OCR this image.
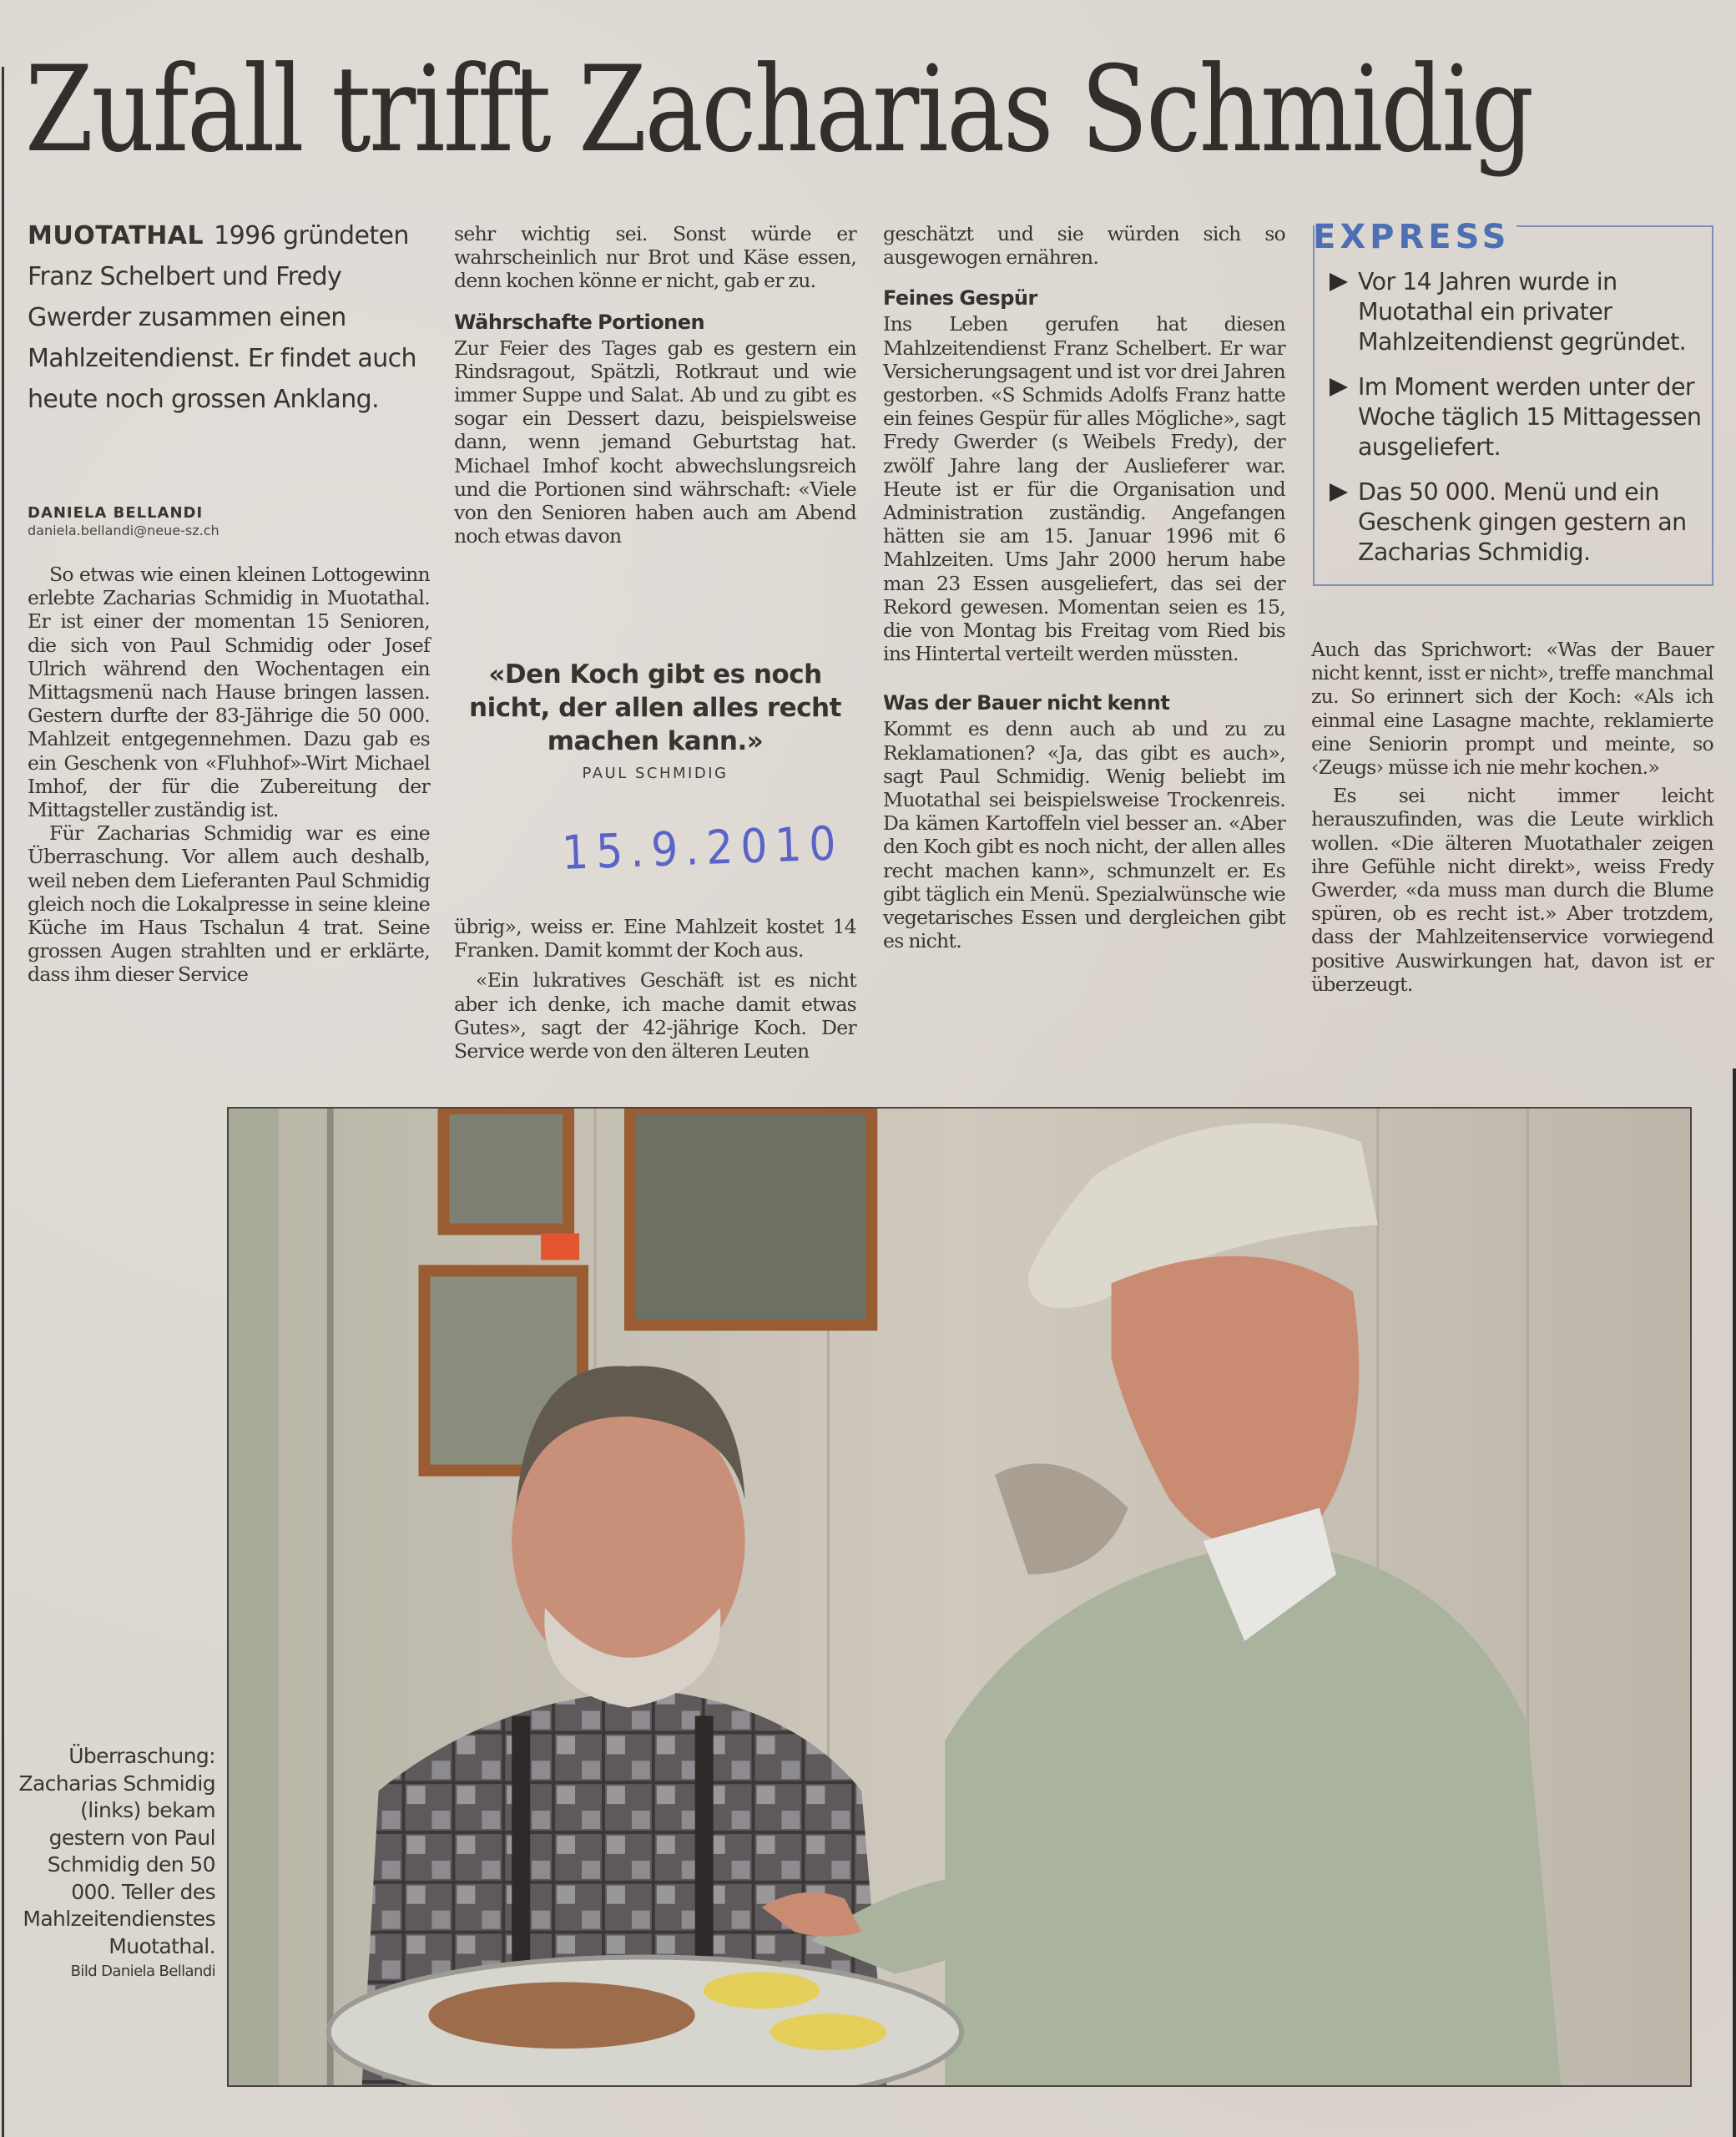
Zufall trifft Zacharias Schmidig
MUOTATHAL 1996 gründeten Franz Schelbert und Fredy Gwerder zusammen einen Mahlzeitendienst. Er findet auch heute noch grossen Anklang.
DANIELA BELLANDI
daniela.bellandi@neue-sz.ch

So etwas wie einen kleinen Lottogewinn erlebte Zacharias Schmidig in Muotathal. Er ist einer der momentan 15 Senioren, die sich von Paul Schmidig oder Josef Ulrich während den Wochentagen ein Mittagsmenü nach Hause bringen lassen. Gestern durfte der 83-Jährige die 50 000. Mahlzeit entgegennehmen. Dazu gab es ein Geschenk von «Fluhhof»-Wirt Michael Imhof, der für die Zubereitung der Mittagsteller zuständig ist.

Für Zacharias Schmidig war es eine Überraschung. Vor allem auch deshalb, weil neben dem Lieferanten Paul Schmidig gleich noch die Lokalpresse in seine kleine Küche im Haus Tschalun 4 trat. Seine grossen Augen strahlten und er erklärte, dass ihm dieser Service

sehr wichtig sei. Sonst würde er wahrscheinlich nur Brot und Käse essen, denn kochen könne er nicht, gab er zu.

Währschafte Portionen

Zur Feier des Tages gab es gestern ein Rindsragout, Spätzli, Rotkraut und wie immer Suppe und Salat. Ab und zu gibt es sogar ein Dessert dazu, beispielsweise dann, wenn jemand Geburtstag hat. Michael Imhof kocht abwechslungsreich und die Portionen sind währschaft: «Viele von den Senioren haben auch am Abend noch etwas davon

«Den Koch gibt es noch nicht, der allen alles recht machen kann.»

PAUL SCHMIDIG
15.9.2010

übrig», weiss er. Eine Mahlzeit kostet 14 Franken. Damit kommt der Koch aus.

«Ein lukratives Geschäft ist es nicht aber ich denke, ich mache damit etwas Gutes», sagt der 42-jährige Koch. Der Service werde von den älteren Leuten

geschätzt und sie würden sich so ausgewogen ernähren.

Feines Gespür

Ins Leben gerufen hat diesen Mahlzeitendienst Franz Schelbert. Er war Versicherungsagent und ist vor drei Jahren gestorben. «S Schmids Adolfs Franz hatte ein feines Gespür für alles Mögliche», sagt Fredy Gwerder (s Weibels Fredy), der zwölf Jahre lang der Auslieferer war. Heute ist er für die Organisation und Administration zuständig. Angefangen hätten sie am 15. Januar 1996 mit 6 Mahlzeiten. Ums Jahr 2000 herum habe man 23 Essen ausgeliefert, das sei der Rekord gewesen. Momentan seien es 15, die von Montag bis Freitag vom Ried bis ins Hintertal verteilt werden müssten.

Was der Bauer nicht kennt

Kommt es denn auch ab und zu zu Reklamationen? «Ja, das gibt es auch», sagt Paul Schmidig. Wenig beliebt im Muotathal sei beispielsweise Trockenreis. Da kämen Kartoffeln viel besser an. «Aber den Koch gibt es noch nicht, der allen alles recht machen kann», schmunzelt er. Es gibt täglich ein Menü. Spezialwünsche wie vegetarisches Essen und dergleichen gibt es nicht.

EXPRESS
Vor 14 Jahren wurde in Muotathal ein privater Mahlzeitendienst gegründet.
Im Moment werden unter der Woche täglich 15 Mittagessen ausgeliefert.
Das 50 000. Menü und ein Geschenk gingen gestern an Zacharias Schmidig.

Auch das Sprichwort: «Was der Bauer nicht kennt, isst er nicht», treffe manchmal zu. So erinnert sich der Koch: «Als ich einmal eine Lasagne machte, reklamierte eine Seniorin prompt und meinte, so ‹Zeugs› müsse ich nie mehr kochen.»

Es sei nicht immer leicht herauszufinden, was die Leute wirklich wollen. «Die älteren Muotathaler zeigen ihre Gefühle nicht direkt», weiss Fredy Gwerder, «da muss man durch die Blume spüren, ob es recht ist.» Aber trotzdem, dass der Mahlzeitenservice vorwiegend positive Auswirkungen hat, davon ist er überzeugt.

Überraschung: Zacharias Schmidig (links) bekam gestern von Paul Schmidig den 50 000. Teller des Mahlzeitendienstes Muotathal.
Bild Daniela Bellandi
